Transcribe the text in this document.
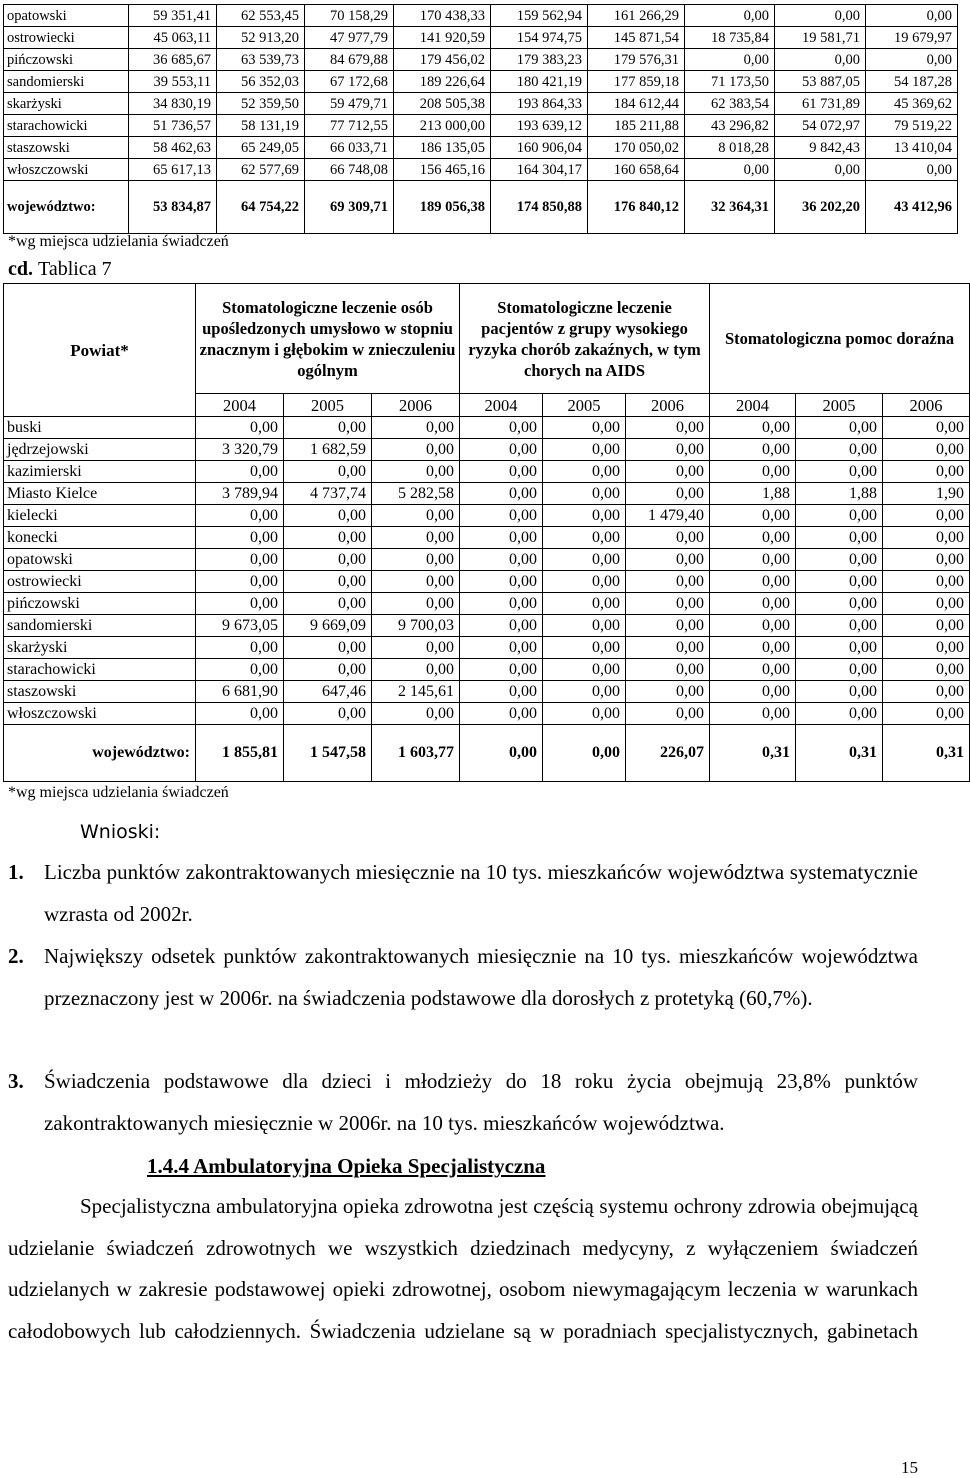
opatowski	59 351,41	62 553,45	70 158,29	170 438,33	159 562,94	161 266,29	0,00	0,00	0,00
ostrowiecki	45 063,11	52 913,20	47 977,79	141 920,59	154 974,75	145 871,54	18 735,84	19 581,71	19 679,97
pińczowski	36 685,67	63 539,73	84 679,88	179 456,02	179 383,23	179 576,31	0,00	0,00	0,00
sandomierski	39 553,11	56 352,03	67 172,68	189 226,64	180 421,19	177 859,18	71 173,50	53 887,05	54 187,28
skarżyski	34 830,19	52 359,50	59 479,71	208 505,38	193 864,33	184 612,44	62 383,54	61 731,89	45 369,62
starachowicki	51 736,57	58 131,19	77 712,55	213 000,00	193 639,12	185 211,88	43 296,82	54 072,97	79 519,22
staszowski	58 462,63	65 249,05	66 033,71	186 135,05	160 906,04	170 050,02	8 018,28	9 842,43	13 410,04
włoszczowski	65 617,13	62 577,69	66 748,08	156 465,16	164 304,17	160 658,64	0,00	0,00	0,00
województwo:	53 834,87	64 754,22	69 309,71	189 056,38	174 850,88	176 840,12	32 364,31	36 202,20	43 412,96
*wg miejsca udzielania świadczeń
cd. Tablica 7
Powiat*	Stomatologiczne leczenie osób upośledzonych umysłowo w stopniu znacznym i głębokim w znieczuleniu ogólnym			Stomatologiczne leczenie pacjentów z grupy wysokiego ryzyka chorób zakaźnych, w tym chorych na AIDS			Stomatologiczna pomoc doraźna		
	2004	2005	2006	2004	2005	2006	2004	2005	2006
buski	0,00	0,00	0,00	0,00	0,00	0,00	0,00	0,00	0,00
jędrzejowski	3 320,79	1 682,59	0,00	0,00	0,00	0,00	0,00	0,00	0,00
kazimierski	0,00	0,00	0,00	0,00	0,00	0,00	0,00	0,00	0,00
Miasto Kielce	3 789,94	4 737,74	5 282,58	0,00	0,00	0,00	1,88	1,88	1,90
kielecki	0,00	0,00	0,00	0,00	0,00	1 479,40	0,00	0,00	0,00
konecki	0,00	0,00	0,00	0,00	0,00	0,00	0,00	0,00	0,00
opatowski	0,00	0,00	0,00	0,00	0,00	0,00	0,00	0,00	0,00
ostrowiecki	0,00	0,00	0,00	0,00	0,00	0,00	0,00	0,00	0,00
pińczowski	0,00	0,00	0,00	0,00	0,00	0,00	0,00	0,00	0,00
sandomierski	9 673,05	9 669,09	9 700,03	0,00	0,00	0,00	0,00	0,00	0,00
skarżyski	0,00	0,00	0,00	0,00	0,00	0,00	0,00	0,00	0,00
starachowicki	0,00	0,00	0,00	0,00	0,00	0,00	0,00	0,00	0,00
staszowski	6 681,90	647,46	2 145,61	0,00	0,00	0,00	0,00	0,00	0,00
włoszczowski	0,00	0,00	0,00	0,00	0,00	0,00	0,00	0,00	0,00
województwo:	1 855,81	1 547,58	1 603,77	0,00	0,00	226,07	0,31	0,31	0,31
*wg miejsca udzielania świadczeń
Wnioski:
1. Liczba punktów zakontraktowanych miesięcznie na 10 tys. mieszkańców województwa systematycznie wzrasta od 2002r.
2. Największy odsetek punktów zakontraktowanych miesięcznie na 10 tys. mieszkańców województwa przeznaczony jest w 2006r. na świadczenia podstawowe dla dorosłych z protetyką (60,7%).
3. Świadczenia podstawowe dla dzieci i młodzieży do 18 roku życia obejmują 23,8% punktów zakontraktowanych miesięcznie w 2006r. na 10 tys. mieszkańców województwa.
1.4.4 Ambulatoryjna Opieka Specjalistyczna
Specjalistyczna ambulatoryjna opieka zdrowotna jest częścią systemu ochrony zdrowia obejmującą udzielanie świadczeń zdrowotnych we wszystkich dziedzinach medycyny, z wyłączeniem świadczeń udzielanych w zakresie podstawowej opieki zdrowotnej, osobom niewymagającym leczenia w warunkach całodobowych lub całodziennych. Świadczenia udzielane są w poradniach specjalistycznych, gabinetach
15
